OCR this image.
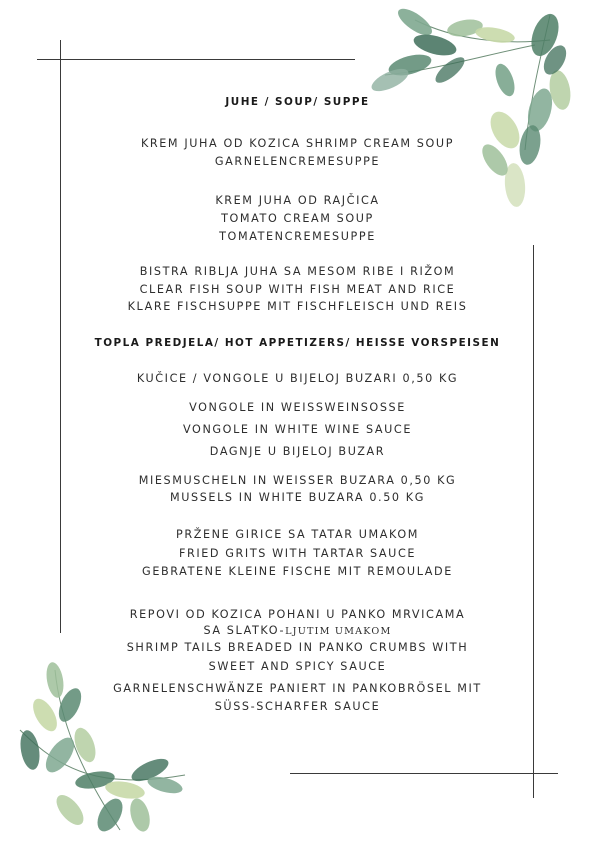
JUHE / SOUP/ SUPPE
KREM JUHA OD KOZICA SHRIMP CREAM SOUP
GARNELENCREMESUPPE
KREM JUHA OD RAJČICA
TOMATO CREAM SOUP
TOMATENCREMESUPPE
BISTRA RIBLJA JUHA SA MESOM RIBE I RIŽOM
CLEAR FISH SOUP WITH FISH MEAT AND RICE
KLARE FISCHSUPPE MIT FISCHFLEISCH UND REIS
TOPLA PREDJELA/ HOT APPETIZERS/ HEISSE VORSPEISEN
KUČICE / VONGOLE U BIJELOJ BUZARI 0,50 KG
VONGOLE IN WEISSWEINSOSSE
VONGOLE IN WHITE WINE SAUCE
DAGNJE U BIJELOJ BUZAR
MIESMUSCHELN IN WEISSER BUZARA 0,50 KG
MUSSELS IN WHITE BUZARA 0.50 KG
PRŽENE GIRICE SA TATAR UMAKOM
FRIED GRITS WITH TARTAR SAUCE
GEBRATENE KLEINE FISCHE MIT REMOULADE
REPOVI OD KOZICA POHANI U PANKO MRVICAMA
SA SLATKO-LJUTIM UMAKOM
SHRIMP TAILS BREADED IN PANKO CRUMBS WITH
SWEET AND SPICY SAUCE
GARNELENSCHWÄNZE PANIERT IN PANKOBRÖSEL MIT
SÜSS-SCHARFER SAUCE
